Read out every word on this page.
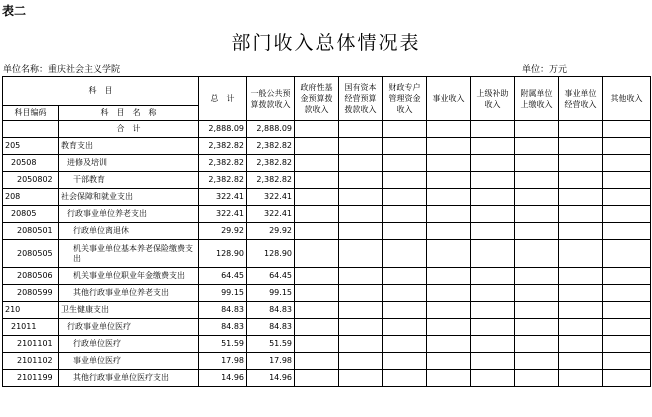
表二
部门收入总体情况表
单位名称：重庆社会主义学院	单位：万元
科　目		总　计	一般公共预算拨款收入	政府性基金预算拨款收入	国有资本经营预算拨款收入	财政专户管理资金收入	事业收入	上级补助收入	附属单位上缴收入	事业单位经营收入	其他收入
科目编码	科　目　名　称										
	合　计	2,888.09	2,888.09								
205	教育支出	2,382.82	2,382.82								
20508	进修及培训	2,382.82	2,382.82								
2050802	干部教育	2,382.82	2,382.82								
208	社会保障和就业支出	322.41	322.41								
20805	行政事业单位养老支出	322.41	322.41								
2080501	行政单位离退休	29.92	29.92								
2080505	机关事业单位基本养老保险缴费支出	128.90	128.90								
2080506	机关事业单位职业年金缴费支出	64.45	64.45								
2080599	其他行政事业单位养老支出	99.15	99.15								
210	卫生健康支出	84.83	84.83								
21011	行政事业单位医疗	84.83	84.83								
2101101	行政单位医疗	51.59	51.59								
2101102	事业单位医疗	17.98	17.98								
2101199	其他行政事业单位医疗支出	14.96	14.96								
